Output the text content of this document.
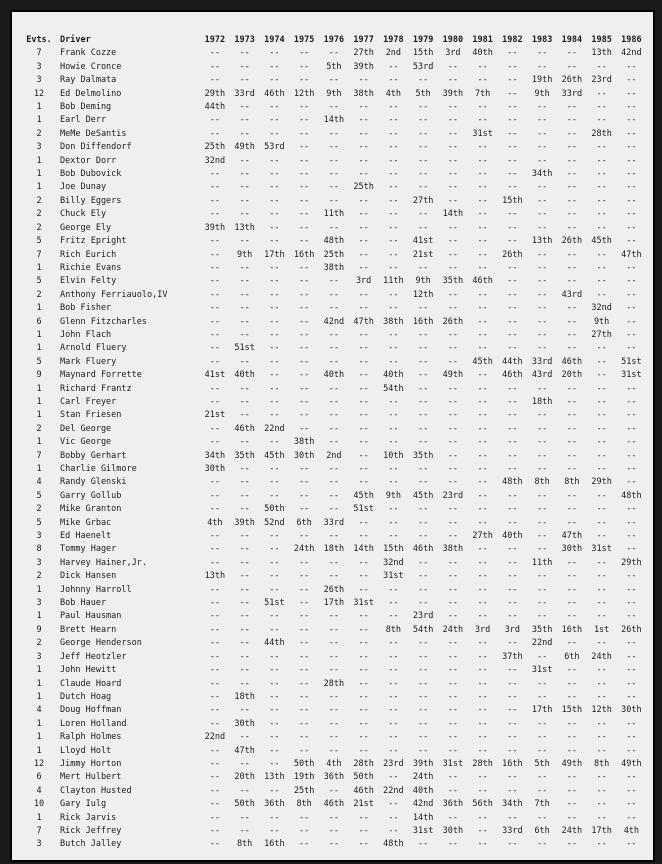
Evts.	Driver	1972	1973	1974	1975	1976	1977	1978	1979	1980	1981	1982	1983	1984	1985	1986
7	Frank Cozze	--	--	--	--	--	27th	2nd	15th	3rd	40th	--	--	--	13th	42nd
3	Howie Cronce	--	--	--	--	5th	39th	--	53rd	--	--	--	--	--	--	--
3	Ray Dalmata	--	--	--	--	--	--	--	--	--	--	--	19th	26th	23rd	--
12	Ed Delmolino	29th	33rd	46th	12th	9th	38th	4th	5th	39th	7th	--	9th	33rd	--	--
1	Bob Deming	44th	--	--	--	--	--	--	--	--	--	--	--	--	--	--
1	Earl Derr	--	--	--	--	14th	--	--	--	--	--	--	--	--	--	--
2	MeMe DeSantis	--	--	--	--	--	--	--	--	--	31st	--	--	--	28th	--
3	Don Diffendorf	25th	49th	53rd	--	--	--	--	--	--	--	--	--	--	--	--
1	Dextor Dorr	32nd	--	--	--	--	--	--	--	--	--	--	--	--	--	--
1	Bob Dubovick	--	--	--	--	--	--	--	--	--	--	--	34th	--	--	--
1	Joe Dunay	--	--	--	--	--	25th	--	--	--	--	--	--	--	--	--
2	Billy Eggers	--	--	--	--	--	--	--	27th	--	--	15th	--	--	--	--
2	Chuck Ely	--	--	--	--	11th	--	--	--	14th	--	--	--	--	--	--
2	George Ely	39th	13th	--	--	--	--	--	--	--	--	--	--	--	--	--
5	Fritz Epright	--	--	--	--	48th	--	--	41st	--	--	--	13th	26th	45th	--
7	Rich Eurich	--	9th	17th	16th	25th	--	--	21st	--	--	26th	--	--	--	47th
1	Richie Evans	--	--	--	--	38th	--	--	--	--	--	--	--	--	--	--
5	Elvin Felty	--	--	--	--	--	3rd	11th	9th	35th	46th	--	--	--	--	--
2	Anthony Ferriauolo,IV	--	--	--	--	--	--	--	12th	--	--	--	--	43rd	--	--
1	Bob Fisher	--	--	--	--	--	--	--	--	--	--	--	--	--	32nd	--
6	Glenn Fitzcharles	--	--	--	--	42nd	47th	38th	16th	26th	--	--	--	--	9th	--
1	John Flach	--	--	--	--	--	--	--	--	--	--	--	--	--	27th	--
1	Arnold Fluery	--	51st	--	--	--	--	--	--	--	--	--	--	--	--	--
5	Mark Fluery	--	--	--	--	--	--	--	--	--	45th	44th	33rd	46th	--	51st
9	Maynard Forrette	41st	40th	--	--	40th	--	40th	--	49th	--	46th	43rd	20th	--	31st
1	Richard Frantz	--	--	--	--	--	--	54th	--	--	--	--	--	--	--	--
1	Carl Freyer	--	--	--	--	--	--	--	--	--	--	--	18th	--	--	--
1	Stan Friesen	21st	--	--	--	--	--	--	--	--	--	--	--	--	--	--
2	Del George	--	46th	22nd	--	--	--	--	--	--	--	--	--	--	--	--
1	Vic George	--	--	--	38th	--	--	--	--	--	--	--	--	--	--	--
7	Bobby Gerhart	34th	35th	45th	30th	2nd	--	10th	35th	--	--	--	--	--	--	--
1	Charlie Gilmore	30th	--	--	--	--	--	--	--	--	--	--	--	--	--	--
4	Randy Glenski	--	--	--	--	--	--	--	--	--	--	48th	8th	8th	29th	--
5	Garry Gollub	--	--	--	--	--	45th	9th	45th	23rd	--	--	--	--	--	48th
2	Mike Granton	--	--	50th	--	--	51st	--	--	--	--	--	--	--	--	--
5	Mike Grbac	4th	39th	52nd	6th	33rd	--	--	--	--	--	--	--	--	--	--
3	Ed Haenelt	--	--	--	--	--	--	--	--	--	27th	40th	--	47th	--	--
8	Tommy Hager	--	--	--	24th	18th	14th	15th	46th	38th	--	--	--	30th	31st	--
3	Harvey Hainer,Jr.	--	--	--	--	--	--	32nd	--	--	--	--	11th	--	--	29th
2	Dick Hansen	13th	--	--	--	--	--	31st	--	--	--	--	--	--	--	--
1	Johnny Harroll	--	--	--	--	26th	--	--	--	--	--	--	--	--	--	--
3	Bob Hauer	--	--	51st	--	17th	31st	--	--	--	--	--	--	--	--	--
1	Paul Hausman	--	--	--	--	--	--	--	23rd	--	--	--	--	--	--	--
9	Brett Hearn	--	--	--	--	--	--	8th	54th	24th	3rd	3rd	35th	16th	1st	26th
2	George Henderson	--	--	44th	--	--	--	--	--	--	--	--	22nd	--	--	--
3	Jeff Heotzler	--	--	--	--	--	--	--	--	--	--	37th	--	6th	24th	--
1	John Hewitt	--	--	--	--	--	--	--	--	--	--	--	31st	--	--	--
1	Claude Hoard	--	--	--	--	28th	--	--	--	--	--	--	--	--	--	--
1	Dutch Hoag	--	18th	--	--	--	--	--	--	--	--	--	--	--	--	--
4	Doug Hoffman	--	--	--	--	--	--	--	--	--	--	--	17th	15th	12th	30th
1	Loren Holland	--	30th	--	--	--	--	--	--	--	--	--	--	--	--	--
1	Ralph Holmes	22nd	--	--	--	--	--	--	--	--	--	--	--	--	--	--
1	Lloyd Holt	--	47th	--	--	--	--	--	--	--	--	--	--	--	--	--
12	Jimmy Horton	--	--	--	50th	4th	28th	23rd	39th	31st	28th	16th	5th	49th	8th	49th
6	Mert Hulbert	--	20th	13th	19th	36th	50th	--	24th	--	--	--	--	--	--	--
4	Clayton Husted	--	--	--	25th	--	46th	22nd	40th	--	--	--	--	--	--	--
10	Gary Iulg	--	50th	36th	8th	46th	21st	--	42nd	36th	56th	34th	7th	--	--	--
1	Rick Jarvis	--	--	--	--	--	--	--	14th	--	--	--	--	--	--	--
7	Rick Jeffrey	--	--	--	--	--	--	--	31st	30th	--	33rd	6th	24th	17th	4th
3	Butch Jalley	--	8th	16th	--	--	--	48th	--	--	--	--	--	--	--	--
